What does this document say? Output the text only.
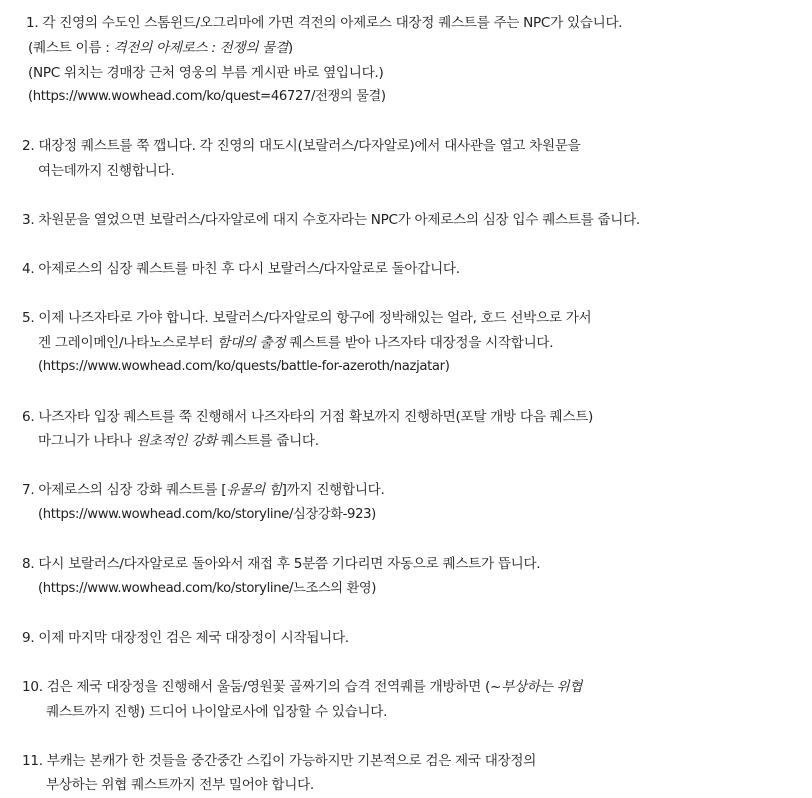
1. 각 진영의 수도인 스톰윈드/오그리마에 가면 격전의 아제로스 대장정 퀘스트를 주는 NPC가 있습니다.
(퀘스트 이름 : 격전의 아제로스 : 전쟁의 물결)
(NPC 위치는 경매장 근처 영웅의 부름 게시판 바로 옆입니다.)
(https://www.wowhead.com/ko/quest=46727/전쟁의 물결)
2. 대장정 퀘스트를 쭉 깹니다. 각 진영의 대도시(보랄러스/다자알로)에서 대사관을 열고 차원문을
여는데까지 진행합니다.
3. 차원문을 열었으면 보랄러스/다자알로에 대지 수호자라는 NPC가 아제로스의 심장 입수 퀘스트를 줍니다.
4. 아제로스의 심장 퀘스트를 마친 후 다시 보랄러스/다자알로로 돌아갑니다.
5. 이제 나즈자타로 가야 합니다. 보랄러스/다자알로의 항구에 정박해있는 얼라, 호드 선박으로 가서
겐 그레이메인/나타노스로부터 함대의 출정 퀘스트를 받아 나즈자타 대장정을 시작합니다.
(https://www.wowhead.com/ko/quests/battle-for-azeroth/nazjatar)
6. 나즈자타 입장 퀘스트를 쭉 진행해서 나즈자타의 거점 확보까지 진행하면(포탈 개방 다음 퀘스트)
마그니가 나타나 원초적인 강화 퀘스트를 줍니다.
7. 아제로스의 심장 강화 퀘스트를 [유물의 힘]까지 진행합니다.
(https://www.wowhead.com/ko/storyline/심장강화-923)
8. 다시 보랄러스/다자알로로 돌아와서 재접 후 5분쯤 기다리면 자동으로 퀘스트가 뜹니다.
(https://www.wowhead.com/ko/storyline/느조스의 환영)
9. 이제 마지막 대장정인 검은 제국 대장정이 시작됩니다.
10. 검은 제국 대장정을 진행해서 울둠/영원꽃 골짜기의 습격 전역퀘를 개방하면 (~부상하는 위협
퀘스트까지 진행) 드디어 나이알로사에 입장할 수 있습니다.
11. 부캐는 본캐가 한 것들을 중간중간 스킵이 가능하지만 기본적으로 검은 제국 대장정의
부상하는 위협 퀘스트까지 전부 밀어야 합니다.
